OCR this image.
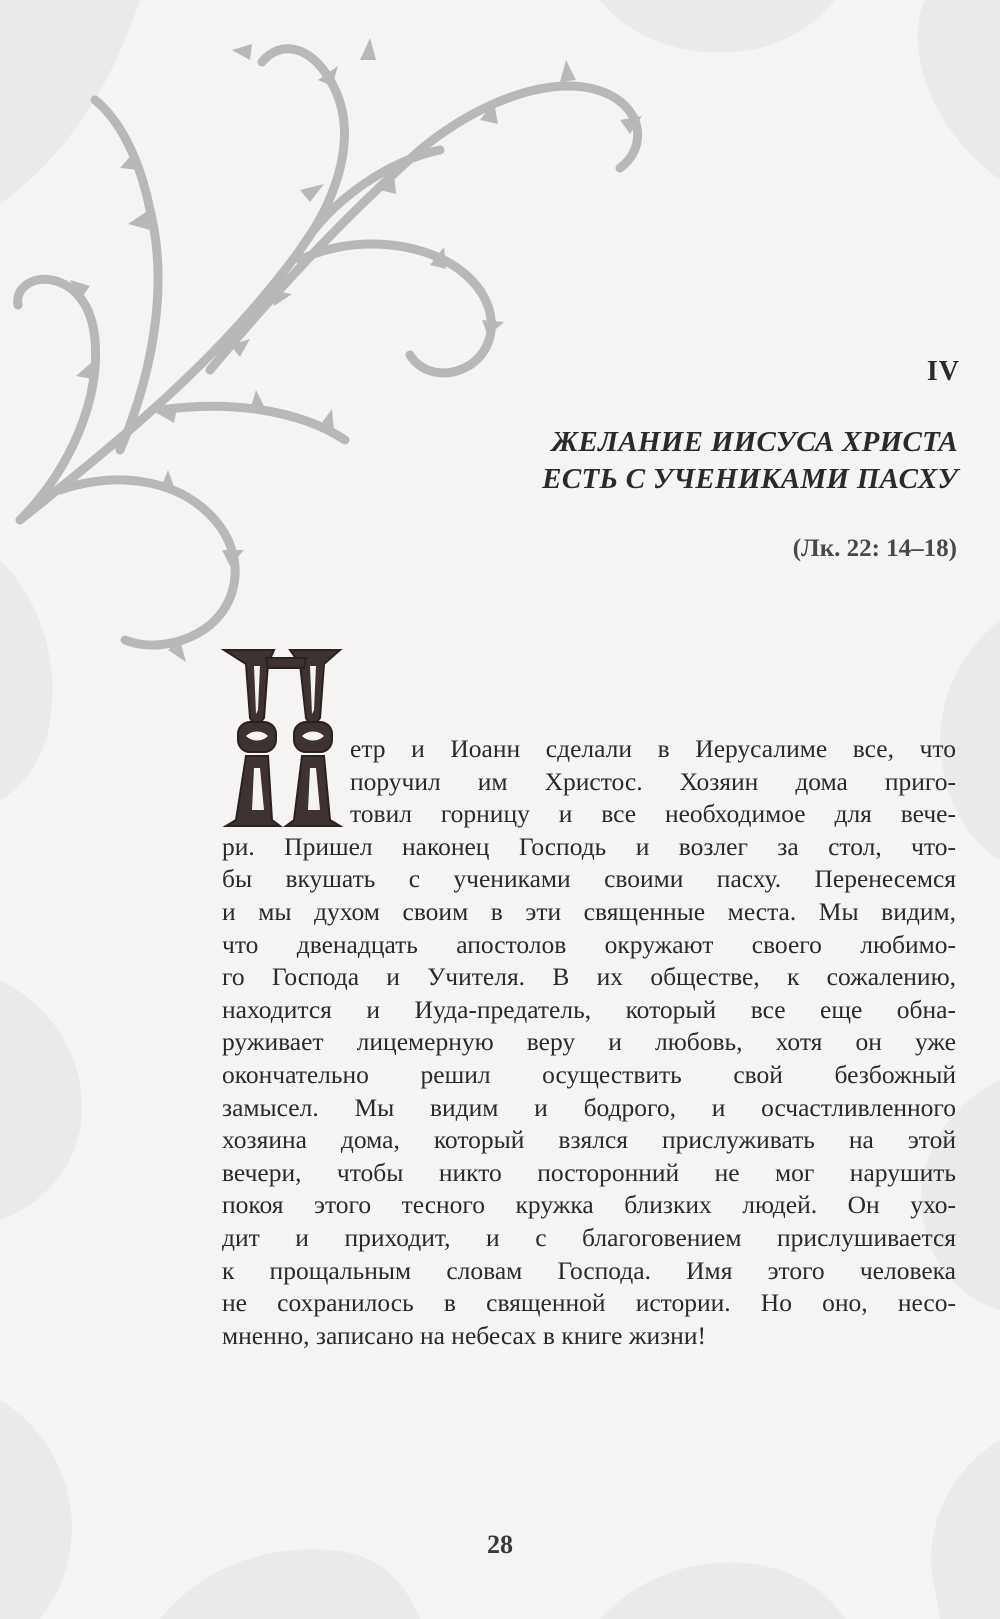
IV
ЖЕЛАНИЕ ИИСУСА ХРИСТА
ЕСТЬ С УЧЕНИКАМИ ПАСХУ
(Лк. 22: 14–18)
етр и Иоанн сделали в Иерусалиме все, что
поручил им Христос. Хозяин дома приго-
товил горницу и все необходимое для вече-
ри. Пришел наконец Господь и возлег за стол, что-
бы вкушать с учениками своими пасху. Перенесемся
и мы духом своим в эти священные места. Мы видим,
что двенадцать апостолов окружают своего любимо-
го Господа и Учителя. В их обществе, к сожалению,
находится и Иуда-предатель, который все еще обна-
руживает лицемерную веру и любовь, хотя он уже
окончательно решил осуществить свой безбожный
замысел. Мы видим и бодрого, и осчастливленного
хозяина дома, который взялся прислуживать на этой
вечери, чтобы никто посторонний не мог нарушить
покоя этого тесного кружка близких людей. Он ухо-
дит и приходит, и с благоговением прислушивается
к прощальным словам Господа. Имя этого человека
не сохранилось в священной истории. Но оно, несо-
мненно, записано на небесах в книге жизни!
28
